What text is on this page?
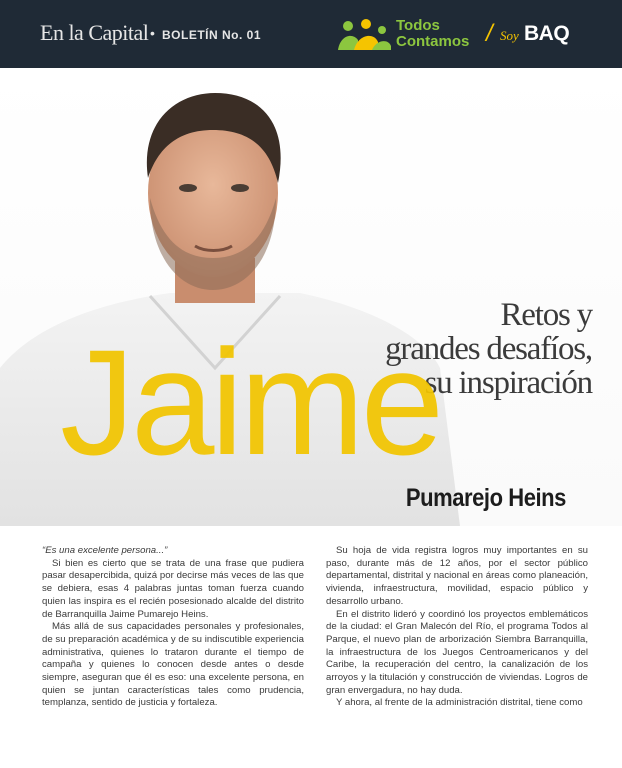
En la Capital • BOLETÍN No. 01
Todos
Contamos / Soy BAQ
Retos y
grandes desafíos,
su inspiración
Jaime
Pumarejo Heins

“Es una excelente persona...”

Si bien es cierto que se trata de una frase que pudiera pasar desapercibida, quizá por decirse más veces de las que se debiera, esas 4 palabras juntas toman fuerza cuando quien las inspira es el recién posesionado alcalde del distrito de Barranquilla Jaime Pumarejo Heins.

Más allá de sus capacidades personales y profesionales, de su preparación académica y de su indiscutible experiencia administrativa, quienes lo trataron durante el tiempo de campaña y quienes lo conocen desde antes o desde siempre, aseguran que él es eso: una excelente persona, en quien se juntan características tales como prudencia, templanza, sentido de justicia y fortaleza.

Su hoja de vida registra logros muy importantes en su paso, durante más de 12 años, por el sector público departamental, distrital y nacional en áreas como planeación, vivienda, infraestructura, movilidad, espacio público y desarrollo urbano.

En el distrito lideró y coordinó los proyectos emblemáticos de la ciudad: el Gran Malecón del Río, el programa Todos al Parque, el nuevo plan de arborización Siembra Barranquilla, la infraestructura de los Juegos Centroamericanos y del Caribe, la recuperación del centro, la canalización de los arroyos y la titulación y construcción de viviendas. Logros de gran envergadura, no hay duda.

Y ahora, al frente de la administración distrital, tiene como
